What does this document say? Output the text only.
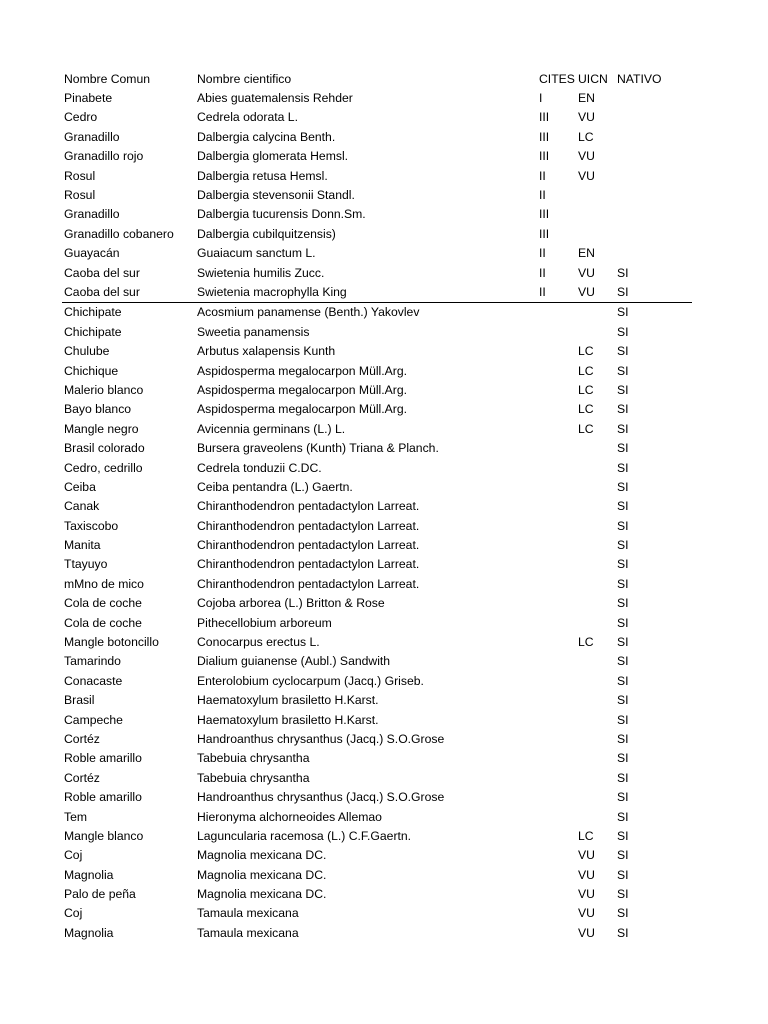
Nombre Comun	Nombre cientifico	CITES	UICN	NATIVO
Pinabete	Abies guatemalensis Rehder	I	EN	
Cedro	Cedrela odorata L.	III	VU	
Granadillo	Dalbergia calycina Benth.	III	LC	
Granadillo rojo	Dalbergia glomerata Hemsl.	III	VU	
Rosul	Dalbergia retusa Hemsl.	II	VU	
Rosul	Dalbergia stevensonii Standl.	II		
Granadillo	Dalbergia tucurensis Donn.Sm.	III		
Granadillo cobanero	Dalbergia cubilquitzensis)	III		
Guayacán	Guaiacum sanctum L.	II	EN	
Caoba del sur	Swietenia humilis Zucc.	II	VU	SI
Caoba del sur	Swietenia macrophylla King	II	VU	SI
Chichipate	Acosmium panamense (Benth.) Yakovlev			SI
Chichipate	Sweetia panamensis			SI
Chulube	Arbutus xalapensis Kunth		LC	SI
Chichique	Aspidosperma megalocarpon Müll.Arg.		LC	SI
Malerio blanco	Aspidosperma megalocarpon Müll.Arg.		LC	SI
Bayo blanco	Aspidosperma megalocarpon Müll.Arg.		LC	SI
Mangle negro	Avicennia germinans (L.) L.		LC	SI
Brasil colorado	Bursera graveolens (Kunth) Triana & Planch.			SI
Cedro, cedrillo	Cedrela tonduzii C.DC.			SI
Ceiba	Ceiba pentandra (L.) Gaertn.			SI
Canak	Chiranthodendron pentadactylon Larreat.			SI
Taxiscobo	Chiranthodendron pentadactylon Larreat.			SI
Manita	Chiranthodendron pentadactylon Larreat.			SI
Ttayuyo	Chiranthodendron pentadactylon Larreat.			SI
mMno de mico	Chiranthodendron pentadactylon Larreat.			SI
Cola de coche	Cojoba arborea (L.) Britton & Rose			SI
Cola de coche	Pithecellobium arboreum			SI
Mangle botoncillo	Conocarpus erectus L.		LC	SI
Tamarindo	Dialium guianense (Aubl.) Sandwith			SI
Conacaste	Enterolobium cyclocarpum (Jacq.) Griseb.			SI
Brasil	Haematoxylum brasiletto H.Karst.			SI
Campeche	Haematoxylum brasiletto H.Karst.			SI
Cortéz	Handroanthus chrysanthus (Jacq.) S.O.Grose			SI
Roble amarillo	Tabebuia chrysantha			SI
Cortéz	Tabebuia chrysantha			SI
Roble amarillo	Handroanthus chrysanthus (Jacq.) S.O.Grose			SI
Tem	Hieronyma alchorneoides Allemao			SI
Mangle blanco	Laguncularia racemosa (L.) C.F.Gaertn.		LC	SI
Coj	Magnolia mexicana DC.		VU	SI
Magnolia	Magnolia mexicana DC.		VU	SI
Palo de peña	Magnolia mexicana DC.		VU	SI
Coj	Tamaula mexicana		VU	SI
Magnolia	Tamaula mexicana		VU	SI
